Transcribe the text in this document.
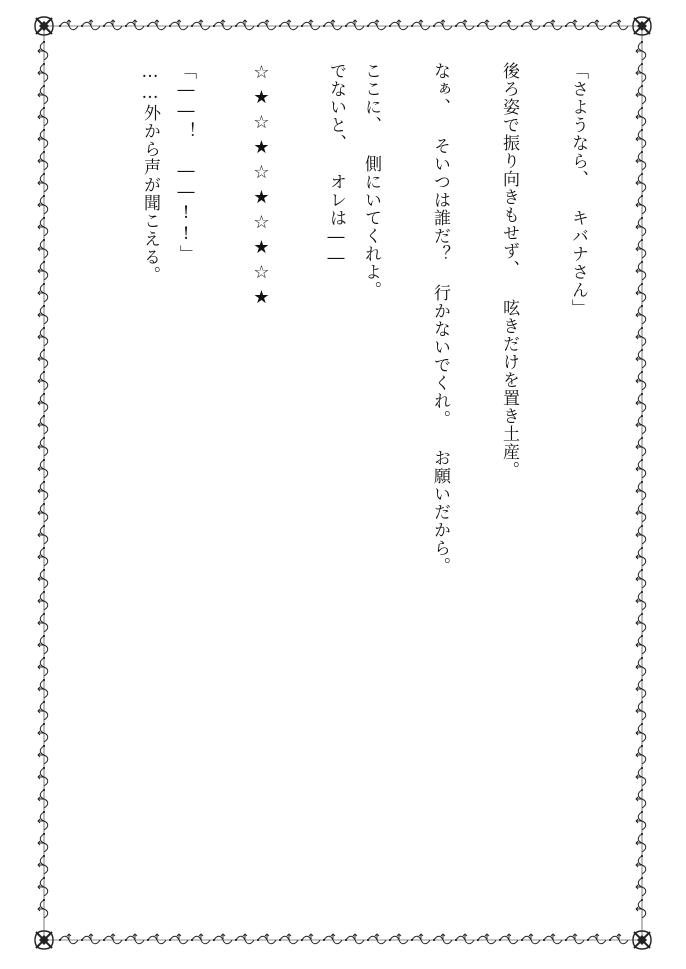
「さようなら、 キバナさん」
後ろ姿で振り向きもせず、 呟きだけを置き土産。
なぁ、 そいつは誰だ？ 行かないでくれ。 お願いだから。
ここに、 側にいてくれよ。
でないと、 オレは――
☆★☆★☆★☆★☆★
「――！ ――!!」
……外から声が聞こえる。
